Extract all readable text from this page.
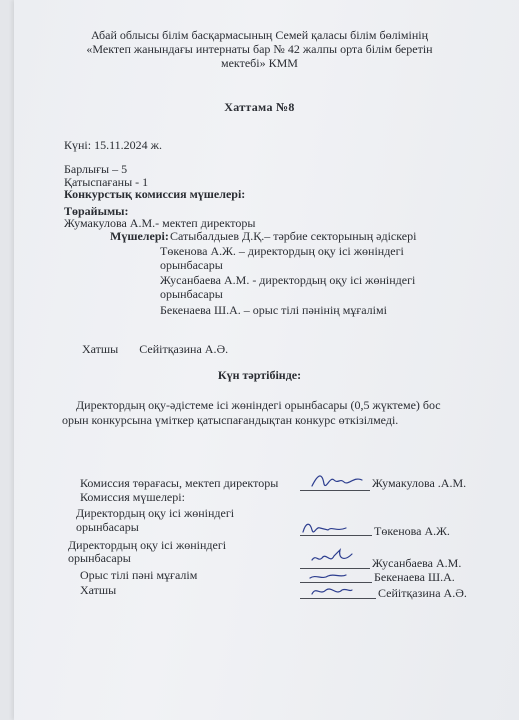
Абай облысы білім басқармасының Семей қаласы білім бөлімінің
«Мектеп жанындағы интернаты бар № 42 жалпы орта білім беретін
мектебі» КММ
Хаттама №8
Күні: 15.11.2024 ж.
Барлығы – 5
Қатыспағаны - 1
Конкурстық комиссия мүшелері:
Төрайымы:
Жумакулова А.М.- мектеп директоры
Мүшелері: Сатыбалдыев Д.Қ.– тәрбие секторының әдіскері
Төкенова А.Ж. – директордың оқу ісі жөніндегі
орынбасары
Жусанбаева А.М. - директордың оқу ісі жөніндегі
орынбасары
Бекенаева Ш.А. – орыс тілі пәнінің мұғалімі
Хатшы       Сейітқазина А.Ә.
Күн тәртібінде:
Директордың оқу-әдістеме ісі жөніндегі орынбасары (0,5 жүктеме) бос
орын конкурсына үміткер қатыспағандықтан конкурс өткізілмеді.
Комиссия төрағасы, мектеп директоры	Жумакулова .А.М.
Комиссия мүшелері:
Директордың оқу ісі жөніндегі
орынбасары	Төкенова А.Ж.
Директордың оқу ісі жөніндегі
орынбасары	Жусанбаева А.М.
Орыс тілі пәні мұғалім	Бекенаева Ш.А.
Хатшы	Сейітқазина А.Ә.
